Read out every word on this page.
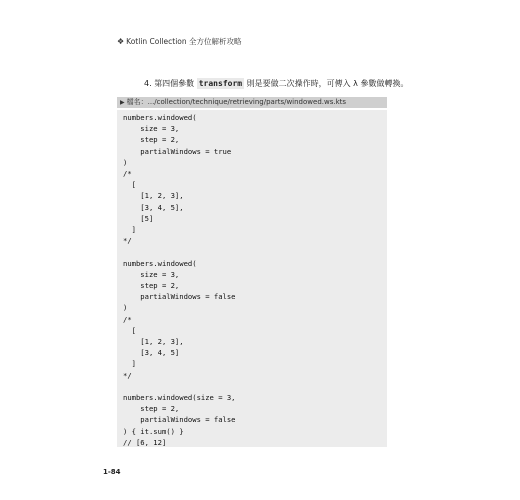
❖ Kotlin Collection 全方位解析攻略
4. 第四個參數 transform 則是要做二次操作時，可傳入 λ 參數做轉換。
▶ 檔名：.../collection/technique/retrieving/parts/windowed.ws.kts
numbers.windowed(
size = 3,
step = 2,
partialWindows = true
)
/*
[
[1, 2, 3],
[3, 4, 5],
[5]
]
*/
numbers.windowed(
size = 3,
step = 2,
partialWindows = false
)
/*
[
[1, 2, 3],
[3, 4, 5]
]
*/
numbers.windowed(size = 3,
step = 2,
partialWindows = false
) { it.sum() }
// [6, 12]
1-84
